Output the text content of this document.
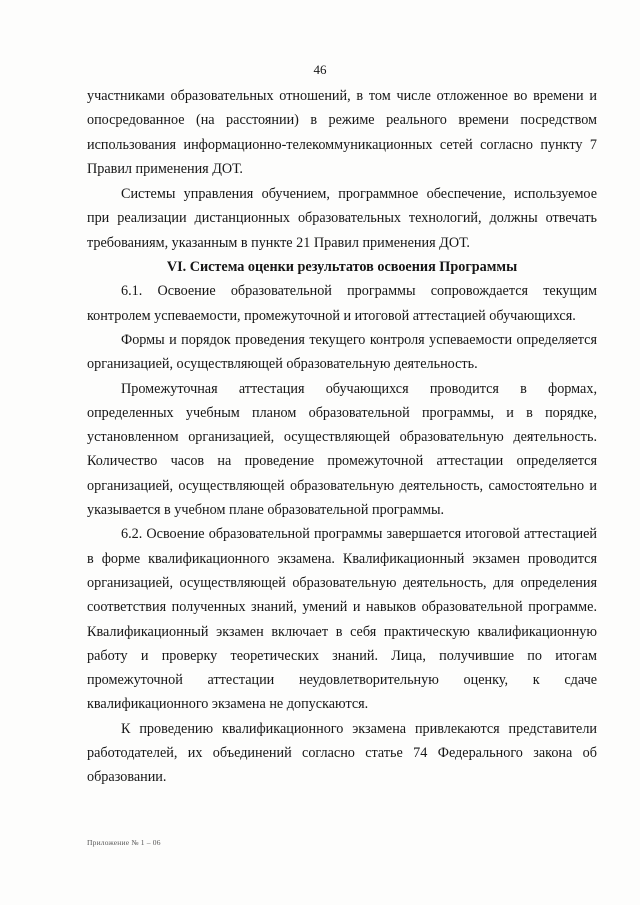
46

участниками образовательных отношений, в том числе отложенное во времени и опосредованное (на расстоянии) в режиме реального времени посредством использования информационно-телекоммуникационных сетей согласно пункту 7 Правил применения ДОТ.

Системы управления обучением, программное обеспечение, используемое при реализации дистанционных образовательных технологий, должны отвечать требованиям, указанным в пункте 21 Правил применения ДОТ.

VI. Система оценки результатов освоения Программы

6.1. Освоение образовательной программы сопровождается текущим контролем успеваемости, промежуточной и итоговой аттестацией обучающихся.

Формы и порядок проведения текущего контроля успеваемости определяется организацией, осуществляющей образовательную деятельность.

Промежуточная аттестация обучающихся проводится в формах, определенных учебным планом образовательной программы, и в порядке, установленном организацией, осуществляющей образовательную деятельность. Количество часов на проведение промежуточной аттестации определяется организацией, осуществляющей образовательную деятельность, самостоятельно и указывается в учебном плане образовательной программы.

6.2. Освоение образовательной программы завершается итоговой аттестацией в форме квалификационного экзамена. Квалификационный экзамен проводится организацией, осуществляющей образовательную деятельность, для определения соответствия полученных знаний, умений и навыков образовательной программе. Квалификационный экзамен включает в себя практическую квалификационную работу и проверку теоретических знаний. Лица, получившие по итогам промежуточной аттестации неудовлетворительную оценку, к сдаче квалификационного экзамена не допускаются.

К проведению квалификационного экзамена привлекаются представители работодателей, их объединений согласно статье 74 Федерального закона об образовании.

Приложение № 1 – 06
